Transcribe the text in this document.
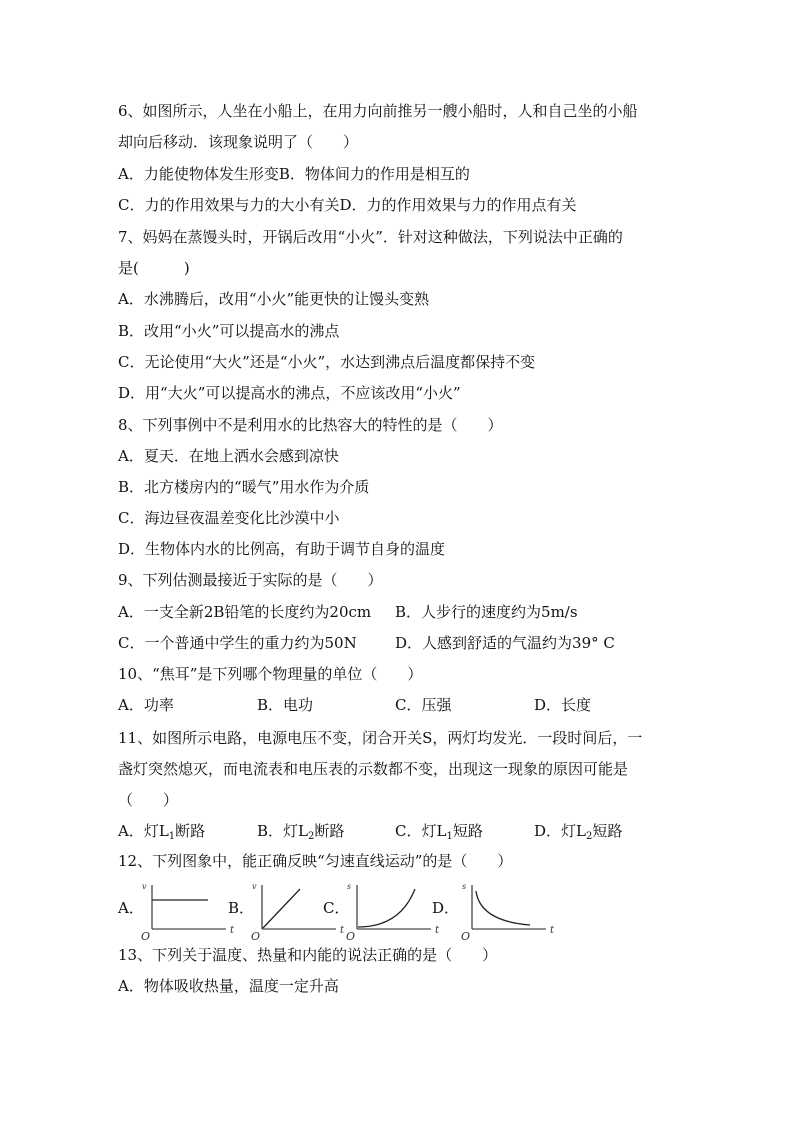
6、如图所示，人坐在小船上，在用力向前推另一艘小船时，人和自己坐的小船
却向后移动．该现象说明了（　　）
A．力能使物体发生形变B．物体间力的作用是相互的
C．力的作用效果与力的大小有关D．力的作用效果与力的作用点有关
7、妈妈在蒸馒头时，开锅后改用“小火”．针对这种做法，下列说法中正确的
是(　　　)
A．水沸腾后，改用“小火”能更快的让馒头变熟
B．改用“小火”可以提高水的沸点
C．无论使用“大火”还是“小火”，水达到沸点后温度都保持不变
D．用“大火”可以提高水的沸点，不应该改用“小火”
8、下列事例中不是利用水的比热容大的特性的是（　　）
A．夏天．在地上洒水会感到凉快
B．北方楼房内的“暖气”用水作为介质
C．海边昼夜温差变化比沙漠中小
D．生物体内水的比例高，有助于调节自身的温度
9、下列估测最接近于实际的是（　　）
A．一支全新2B铅笔的长度约为20cm B．人步行的速度约为5m/s
C．一个普通中学生的重力约为50N	D．人感到舒适的气温约为39° C
10、“焦耳”是下列哪个物理量的单位（　　）
A．功率	B．电功	C．压强	D．长度
11、如图所示电路，电源电压不变，闭合开关S，两灯均发光．一段时间后，一
盏灯突然熄灭，而电流表和电压表的示数都不变，出现这一现象的原因可能是
（　　）
A．灯$L_1$断路	B．灯$L_2$断路	C．灯$L_1$短路	D．灯$L_2$短路
12、下列图象中，能正确反映“匀速直线运动”的是（　　）
A．
v
t
O
B．
v
t
O
C．
s
t
O
D．
s
t
O
13、下列关于温度、热量和内能的说法正确的是（　　）
A．物体吸收热量，温度一定升高
